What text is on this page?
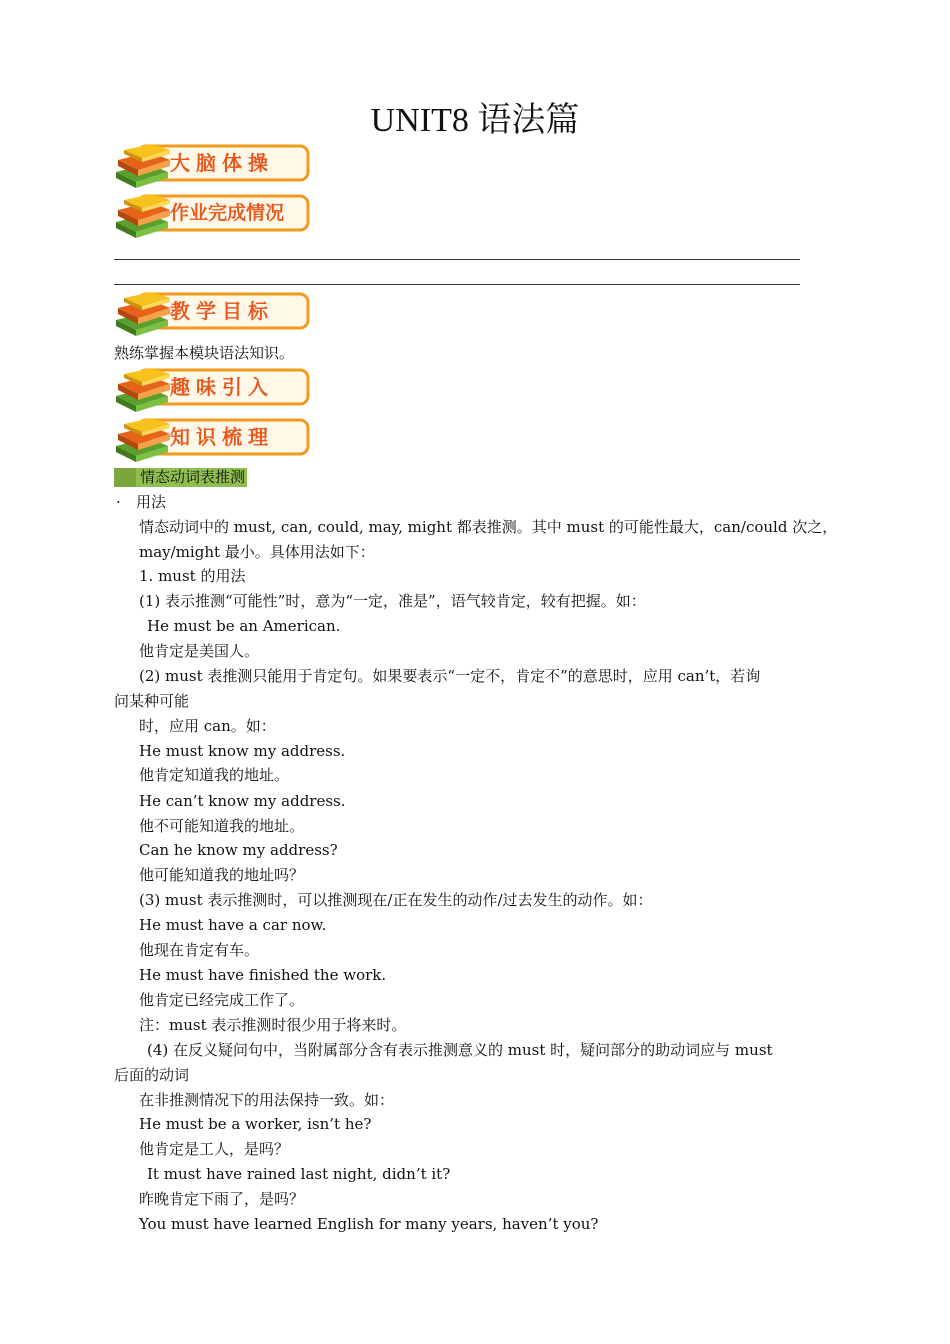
UNIT8 语法篇
大脑体操
作业完成情况
教学目标
熟练掌握本模块语法知识。
趣味引入
知识梳理
情态动词表推测
· 用法
情态动词中的 must, can, could, may, might 都表推测。其中 must 的可能性最大，can/could 次之，
may/might 最小。具体用法如下：
1. must 的用法
(1) 表示推测“可能性”时，意为“一定，准是”，语气较肯定，较有把握。如：
He must be an American.
他肯定是美国人。
(2) must 表推测只能用于肯定句。如果要表示“一定不，肯定不”的意思时，应用 can’t，若询
问某种可能
时，应用 can。如：
He must know my address.
他肯定知道我的地址。
He can’t know my address.
他不可能知道我的地址。
Can he know my address?
他可能知道我的地址吗？
(3) must 表示推测时，可以推测现在/正在发生的动作/过去发生的动作。如：
He must have a car now.
他现在肯定有车。
He must have finished the work.
他肯定已经完成工作了。
注：must 表示推测时很少用于将来时。
(4) 在反义疑问句中，当附属部分含有表示推测意义的 must 时，疑问部分的助动词应与 must
后面的动词
在非推测情况下的用法保持一致。如：
He must be a worker, isn’t he?
他肯定是工人，是吗？
It must have rained last night, didn’t it?
昨晚肯定下雨了，是吗？
You must have learned English for many years, haven’t you?
